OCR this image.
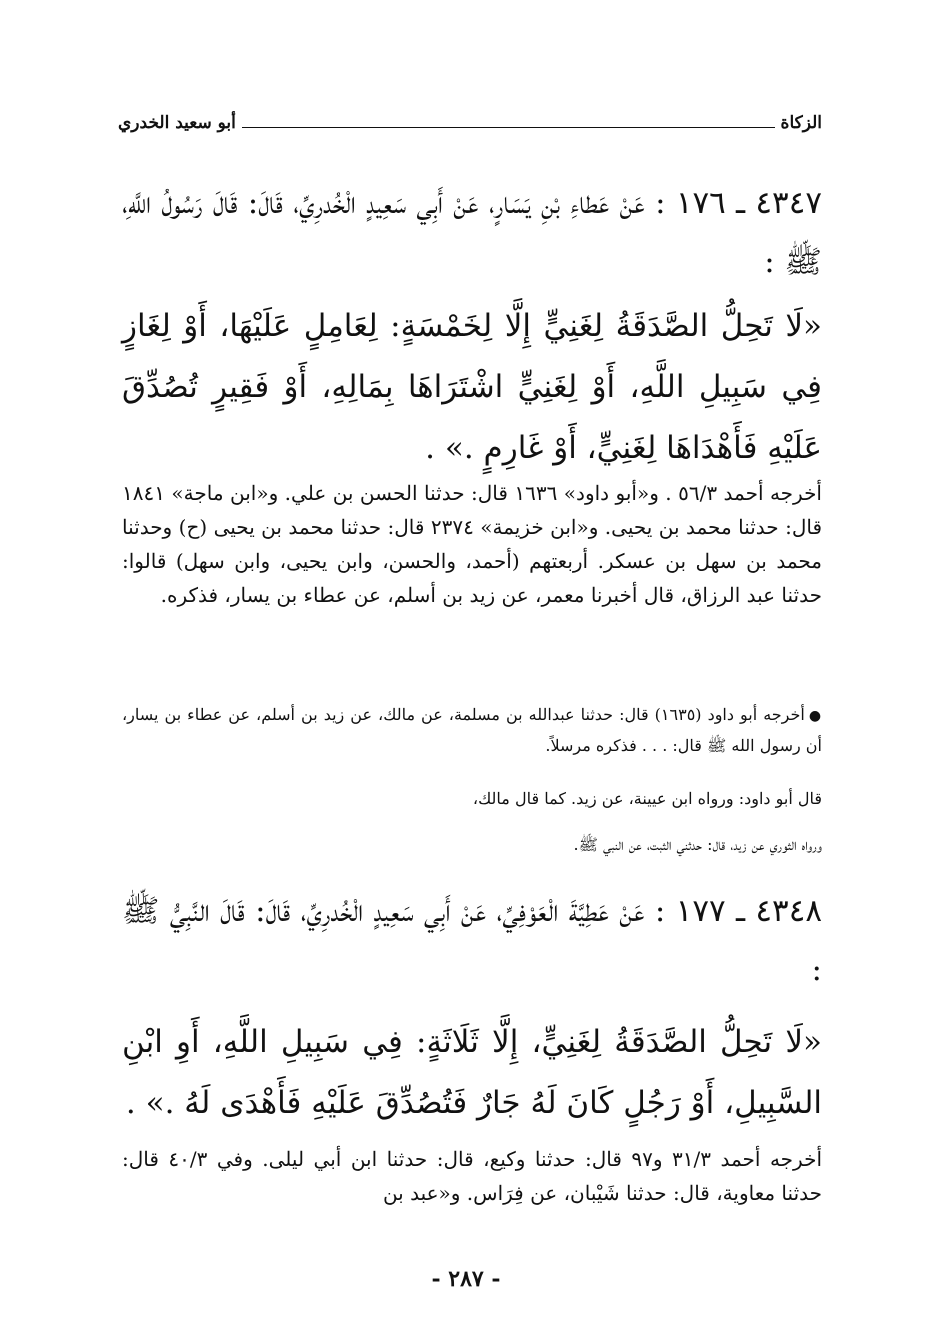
الزكاة
أبو سعيد الخدري
٤٣٤٧ ـ ١٧٦ : عَنْ عَطاءِ بْنِ يَسَارٍ، عَنْ أَبِي سَعِيدٍ الْخُدرِيِّ، قَالَ: قَالَ رَسُولُ اللَّهِ، ﷺ :
«لَا تَحِلُّ الصَّدَقَةُ لِغَنِيٍّ إِلَّا لِخَمْسَةٍ: لِعَامِلٍ عَلَيْهَا، أَوْ لِغَازٍ فِي سَبِيلِ اللَّهِ، أَوْ لِغَنِيٍّ اشْتَرَاهَا بِمَالِهِ، أَوْ فَقِيرٍ تُصُدِّقَ عَلَيْهِ فَأَهْدَاهَا لِغَنِيٍّ، أَوْ غَارِمٍ .» .
أخرجه أحمد ٥٦/٣ . و«أبو داود» ١٦٣٦ قال: حدثنا الحسن بن علي. و«ابن ماجة» ١٨٤١ قال: حدثنا محمد بن يحيى. و«ابن خزيمة» ٢٣٧٤ قال: حدثنا محمد بن يحيى (ح) وحدثنا محمد بن سهل بن عسكر. أربعتهم (أحمد، والحسن، وابن يحيى، وابن سهل) قالوا: حدثنا عبد الرزاق، قال أخبرنا معمر، عن زيد بن أسلم، عن عطاء بن يسار، فذكره.
●أخرجه أبو داود (١٦٣٥) قال: حدثنا عبدالله بن مسلمة، عن مالك، عن زيد بن أسلم، عن عطاء بن يسار، أن رسول الله ﷺ قال: . . . فذكره مرسلاً.
قال أبو داود: ورواه ابن عيينة، عن زيد. كما قال مالك،
ورواه الثوري عن زيد، قال: حدثني الثبت، عن النبي ﷺ.
٤٣٤٨ ـ ١٧٧ : عَنْ عَطِيَّةَ الْعَوْفِيِّ، عَنْ أَبِي سَعِيدٍ الْخُدرِيِّ، قَالَ: قَالَ النَّبِيُّ ﷺ :
«لَا تَحِلُّ الصَّدَقَةُ لِغَنِيٍّ، إِلَّا ثَلَاثَةٍ: فِي سَبِيلِ اللَّهِ، أَوِ ابْنِ السَّبِيلِ، أَوْ رَجُلٍ كَانَ لَهُ جَارٌ فَتُصُدِّقَ عَلَيْهِ فَأَهْدَى لَهُ .» .
أخرجه أحمد ٣١/٣ و٩٧ قال: حدثنا وكيع، قال: حدثنا ابن أبي ليلى. وفي ٤٠/٣ قال: حدثنا معاوية، قال: حدثنا شَيْبان، عن فِرَاس. و«عبد بن
- ٢٨٧ -
